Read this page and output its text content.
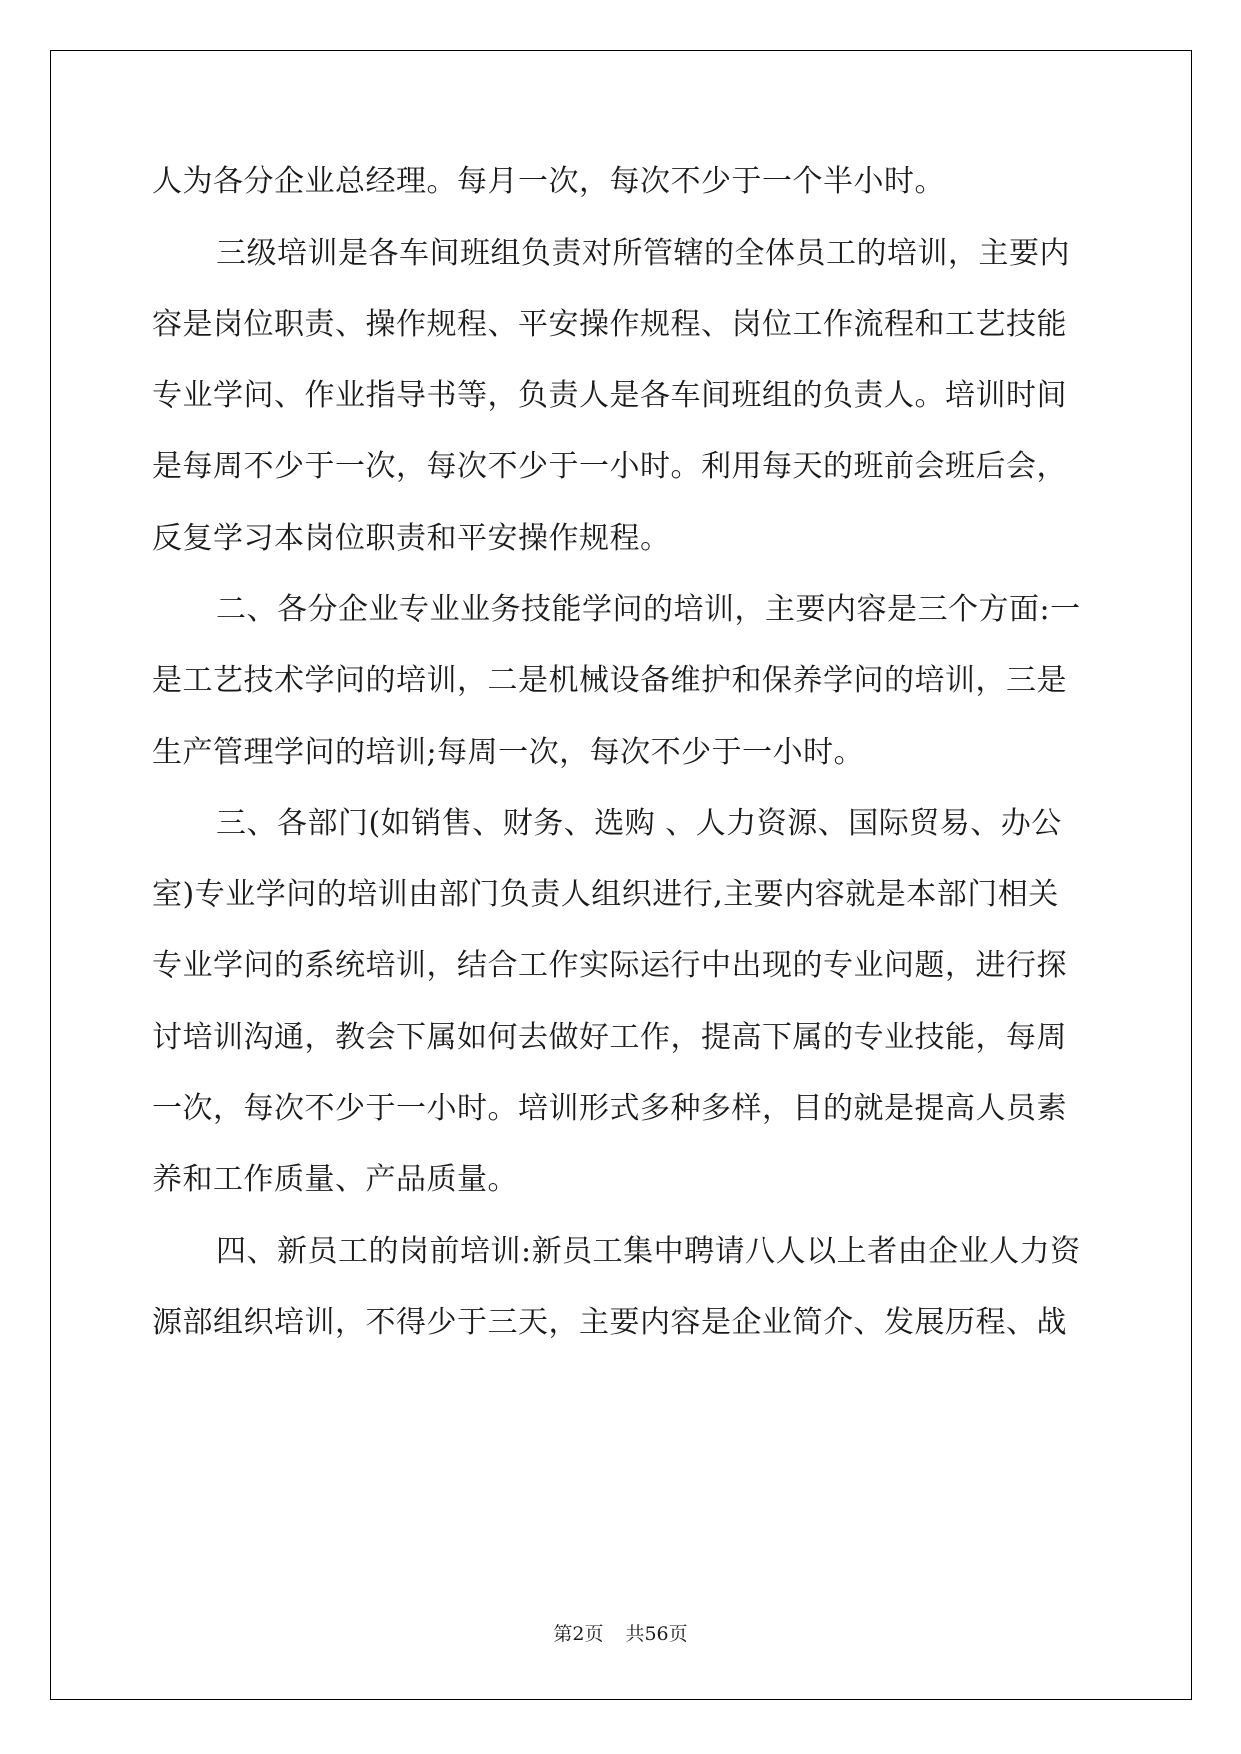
人为各分企业总经理。每月一次，每次不少于一个半小时。
三级培训是各车间班组负责对所管辖的全体员工的培训，主要内
容是岗位职责、操作规程、平安操作规程、岗位工作流程和工艺技能
专业学问、作业指导书等，负责人是各车间班组的负责人。培训时间
是每周不少于一次，每次不少于一小时。利用每天的班前会班后会，
反复学习本岗位职责和平安操作规程。
二、各分企业专业业务技能学问的培训，主要内容是三个方面:一
是工艺技术学问的培训，二是机械设备维护和保养学问的培训，三是
生产管理学问的培训;每周一次，每次不少于一小时。
三、各部门(如销售、财务、选购 、人力资源、国际贸易、办公
室)专业学问的培训由部门负责人组织进行,主要内容就是本部门相关
专业学问的系统培训，结合工作实际运行中出现的专业问题，进行探
讨培训沟通，教会下属如何去做好工作，提高下属的专业技能，每周
一次，每次不少于一小时。培训形式多种多样，目的就是提高人员素
养和工作质量、产品质量。
四、新员工的岗前培训:新员工集中聘请八人以上者由企业人力资
源部组织培训，不得少于三天，主要内容是企业简介、发展历程、战
第2页 共56页
